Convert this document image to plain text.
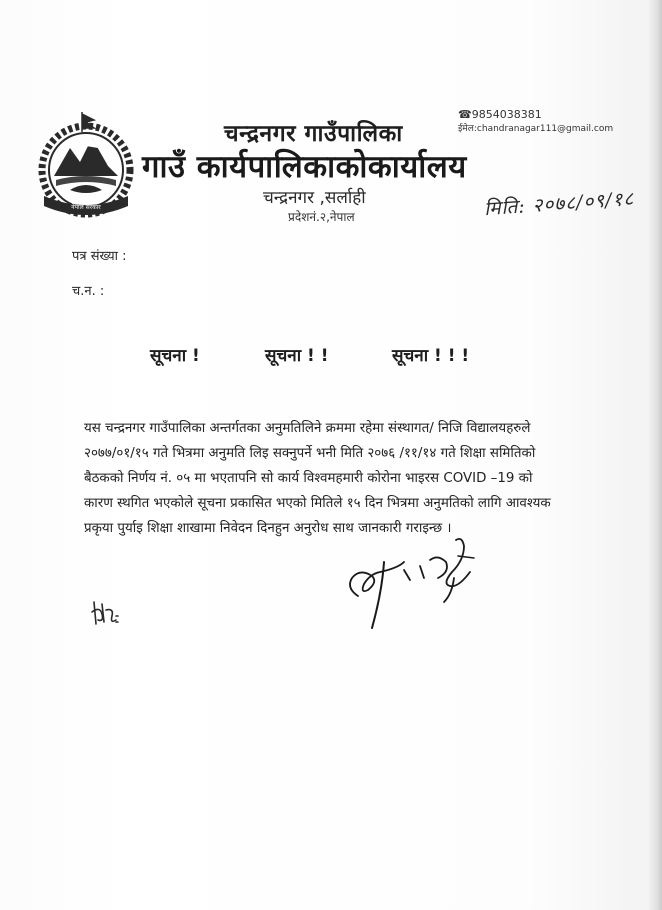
नेपाल सरकार
चन्द्रनगर गाउँपालिका
गाउँ कार्यपालिकाकोकार्यालय
चन्द्रनगर ,सर्लाही
प्रदेशनं.२,नेपाल
☎9854038381
ईमेल:chandranagar111@gmail.com
मिति: २०७८/०९/१८
पत्र संख्या :
च.न. :
सूचना !	सूचना ! !	सूचना ! ! !

यस चन्द्रनगर गाउँपालिका अन्तर्गतका अनुमतिलिने क्रममा रहेमा संस्थागत/ निजि विद्यालयहरुले २०७७/०१/१५ गते भित्रमा अनुमति लिइ सक्नुपर्ने भनी मिति २०७६ /११/१४ गते शिक्षा समितिको बैठकको निर्णय नं. ०५ मा भएतापनि सो कार्य विश्वमहमारी कोरोना भाइरस COVID –19 को कारण स्थगित भएकोले सूचना प्रकासित भएको मितिले १५ दिन भित्रमा अनुमतिको लागि आवश्यक प्रकृया पुर्याइ शिक्षा शाखामा निवेदन दिनहुन अनुरोध साथ जानकारी गराइन्छ ।
